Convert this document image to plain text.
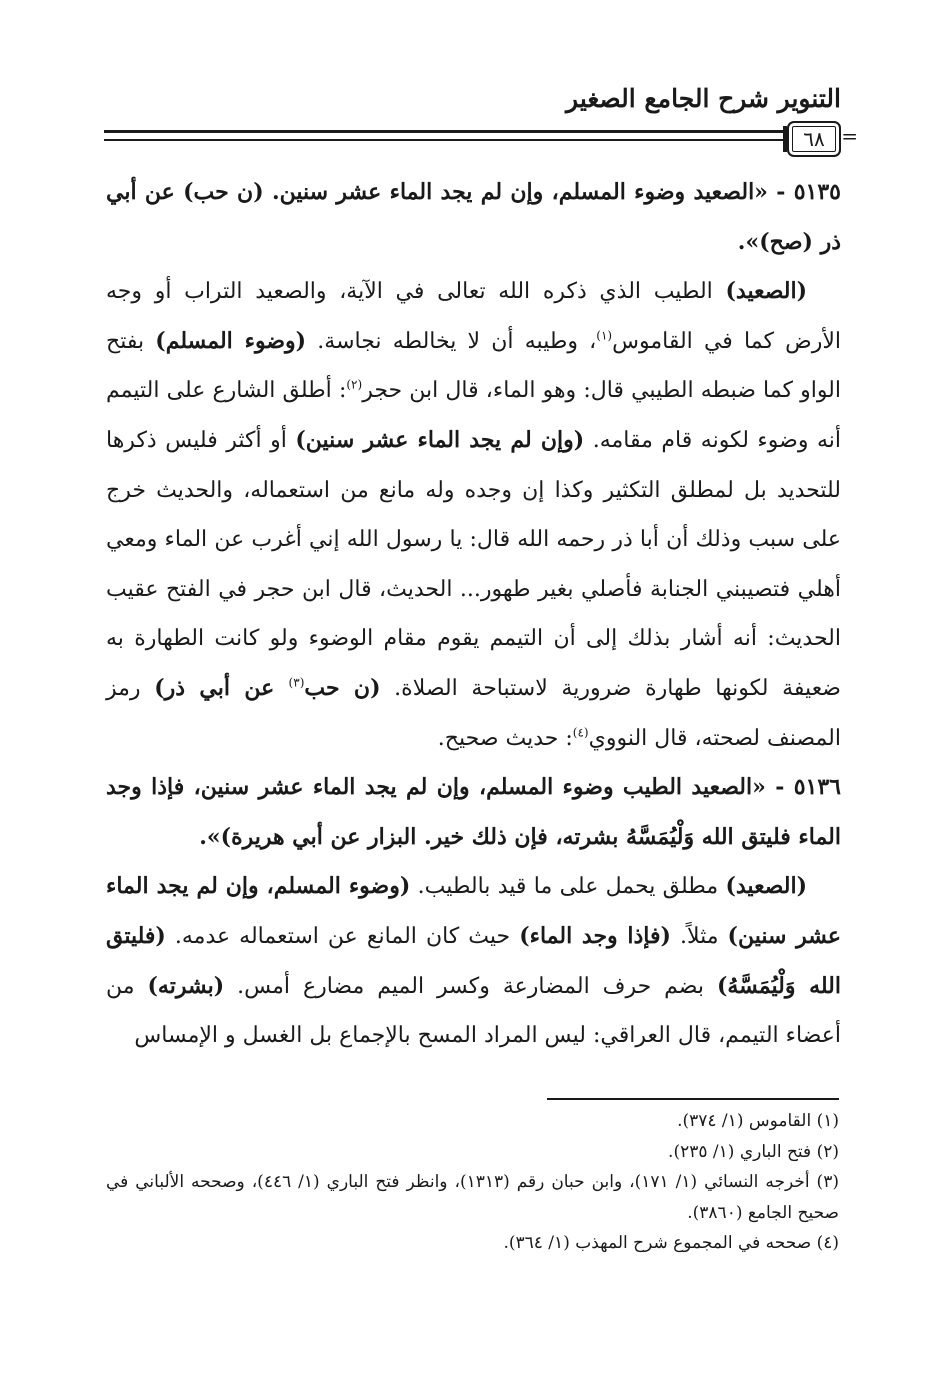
التنوير شرح الجامع الصغير
=
٦٨

٥١٣٥ - «الصعيد وضوء المسلم، وإن لم يجد الماء عشر سنين. (ن حب) عن أبي ذر (صح)».

(الصعيد) الطيب الذي ذكره الله تعالى في الآية، والصعيد التراب أو وجه الأرض كما في القاموس$^{(١)}$، وطيبه أن لا يخالطه نجاسة. (وضوء المسلم) بفتح الواو كما ضبطه الطيبي قال: وهو الماء، قال ابن حجر$^{(٢)}$: أطلق الشارع على التيمم أنه وضوء لكونه قام مقامه. (وإن لم يجد الماء عشر سنين) أو أكثر فليس ذكرها للتحديد بل لمطلق التكثير وكذا إن وجده وله مانع من استعماله، والحديث خرج على سبب وذلك أن أبا ذر رحمه الله قال: يا رسول الله إني أغرب عن الماء ومعي أهلي فتصيبني الجنابة فأصلي بغير طهور... الحديث، قال ابن حجر في الفتح عقيب الحديث: أنه أشار بذلك إلى أن التيمم يقوم مقام الوضوء ولو كانت الطهارة به ضعيفة لكونها طهارة ضرورية لاستباحة الصلاة. (ن حب$^{(٣)}$ عن أبي ذر) رمز المصنف لصحته، قال النووي$^{(٤)}$: حديث صحيح.

٥١٣٦ - «الصعيد الطيب وضوء المسلم، وإن لم يجد الماء عشر سنين، فإذا وجد الماء فليتق الله وَلْيُمَسَّهُ بشرته، فإن ذلك خير. البزار عن أبي هريرة)».

(الصعيد) مطلق يحمل على ما قيد بالطيب. (وضوء المسلم، وإن لم يجد الماء عشر سنين) مثلاً. (فإذا وجد الماء) حيث كان المانع عن استعماله عدمه. (فليتق الله وَلْيُمَسَّهُ) بضم حرف المضارعة وكسر الميم مضارع أمس. (بشرته) من أعضاء التيمم، قال العراقي: ليس المراد المسح بالإجماع بل الغسل و الإمساس

(١) القاموس (١/ ٣٧٤).

(٢) فتح الباري (١/ ٢٣٥).

(٣) أخرجه النسائي (١/ ١٧١)، وابن حبان رقم (١٣١٣)، وانظر فتح الباري (١/ ٤٤٦)، وصححه الألباني في صحيح الجامع (٣٨٦٠).

(٤) صححه في المجموع شرح المهذب (١/ ٣٦٤).
